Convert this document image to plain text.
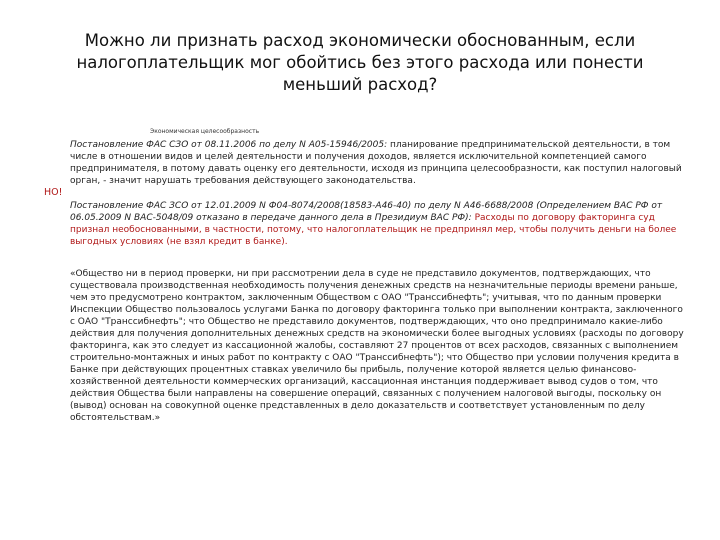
Можно ли признать расход экономически обоснованным, если налогоплательщик мог обойтись без этого расхода или понести меньший расход?
Экономическая целесообразность
Постановление ФАС СЗО от 08.11.2006 по делу N А05-15946/2005: планирование предпринимательской деятельности, в том числе в отношении видов и целей деятельности и получения доходов, является исключительной компетенцией самого предпринимателя, в потому давать оценку его деятельности, исходя из принципа целесообразности, как поступил налоговый орган, - значит нарушать требования действующего законодательства.
НО!
Постановление ФАС ЗСО от 12.01.2009 N Ф04-8074/2008(18583-А46-40) по делу N А46-6688/2008 (Определением ВАС РФ от 06.05.2009 N ВАС-5048/09 отказано в передаче данного дела в Президиум ВАС РФ): Расходы по договору факторинга суд признал необоснованными, в частности, потому, что налогоплательщик не предпринял мер, чтобы получить деньги на более выгодных условиях (не взял кредит в банке).
«Общество ни в период проверки, ни при рассмотрении дела в суде не представило документов, подтверждающих, что существовала производственная необходимость получения денежных средств на незначительные периоды времени раньше, чем это предусмотрено контрактом, заключенным Обществом с ОАО "Транссибнефть"; учитывая, что по данным проверки Инспекции Общество пользовалось услугами Банка по договору факторинга только при выполнении контракта, заключенного с ОАО "Транссибнефть"; что Общество не представило документов, подтверждающих, что оно предпринимало какие-либо действия для получения дополнительных денежных средств на экономически более выгодных условиях (расходы по договору факторинга, как это следует из кассационной жалобы, составляют 27 процентов от всех расходов, связанных с выполнением строительно-монтажных и иных работ по контракту с ОАО "Транссибнефть"); что Общество при условии получения кредита в Банке при действующих процентных ставках увеличило бы прибыль, получение которой является целью финансово-хозяйственной деятельности коммерческих организаций, кассационная инстанция поддерживает вывод судов о том, что действия Общества были направлены на совершение операций, связанных с получением налоговой выгоды, поскольку он (вывод) основан на совокупной оценке представленных в дело доказательств и соответствует установленным по делу обстоятельствам.»
